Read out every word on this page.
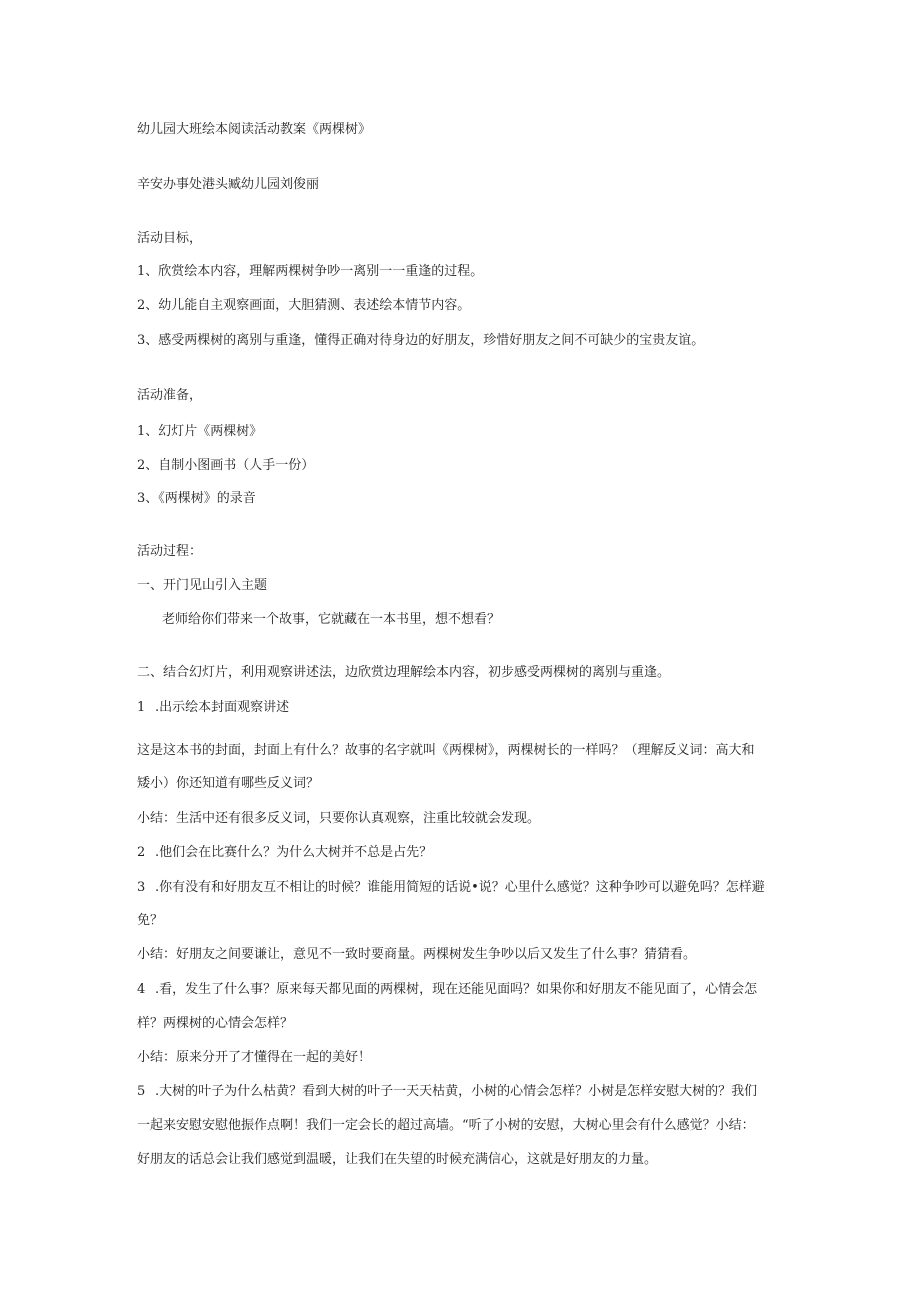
幼儿园大班绘本阅读活动教案《两棵树》
辛安办事处港头臧幼儿园刘俊丽
活动目标，
1、欣赏绘本内容，理解两棵树争吵一离别一一重逢的过程。
2、幼儿能自主观察画面，大胆猜测、表述绘本情节内容。
3、感受两棵树的离别与重逢，懂得正确对待身边的好朋友，珍惜好朋友之间不可缺少的宝贵友谊。
活动准备，
1、幻灯片《两棵树》
2、自制小图画书（人手一份）
3、《两棵树》的录音
活动过程：
一、开门见山引入主题
老师给你们带来一个故事，它就藏在一本书里，想不想看？
二、结合幻灯片，利用观察讲述法，边欣赏边理解绘本内容，初步感受两棵树的离别与重逢。
1 .出示绘本封面观察讲述
这是这本书的封面，封面上有什么？故事的名字就叫《两棵树》，两棵树长的一样吗？（理解反义词：高大和
矮小）你还知道有哪些反义词？
小结：生活中还有很多反义词，只要你认真观察，注重比较就会发现。
2 .他们会在比赛什么？为什么大树并不总是占先？
3 .你有没有和好朋友互不相让的时候？谁能用简短的话说•说？心里什么感觉？这种争吵可以避免吗？怎样避
免？
小结：好朋友之间要谦让，意见不一致时要商量。两棵树发生争吵以后又发生了什么事？猜猜看。
4 .看，发生了什么事？原来每天都见面的两棵树，现在还能见面吗？如果你和好朋友不能见面了，心情会怎
样？两棵树的心情会怎样？
小结：原来分开了才懂得在一起的美好！
5 .大树的叶子为什么枯黄？看到大树的叶子一天天枯黄，小树的心情会怎样？小树是怎样安慰大树的？我们
一起来安慰安慰他振作点啊！我们一定会长的超过高墙。“听了小树的安慰，大树心里会有什么感觉？小结：
好朋友的话总会让我们感觉到温暖，让我们在失望的时候充满信心，这就是好朋友的力量。
